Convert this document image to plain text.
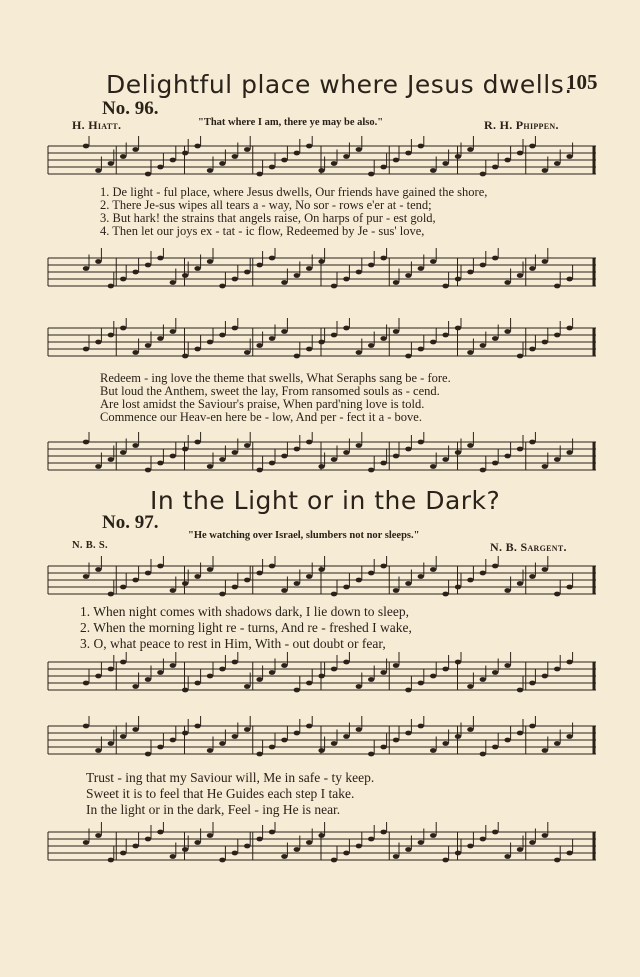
105
Delightful place where Jesus dwells.
No. 96.
H. Hiatt.	"That where I am, there ye may be also."	R. H. Phippen.
1. De light - ful place, where Jesus dwells, Our friends have gained the shore,
2. There Je-sus wipes all tears a - way, No sor - rows e'er at - tend;
3. But hark! the strains that angels raise, On harps of pur - est gold,
4. Then let our joys ex - tat - ic flow, Redeemed by Je - sus' love,
Redeem - ing love the theme that swells, What Seraphs sang be - fore.
But loud the Anthem, sweet the lay, From ransomed souls as - cend.
Are lost amidst the Saviour's praise, When pard'ning love is told.
Commence our Heav-en here be - low, And per - fect it a - bove.
In the Light or in the Dark?
No. 97.
"He watching over Israel, slumbers not nor sleeps."
N. B. S.	N. B. Sargent.
1. When night comes with shadows dark, I lie down to sleep,
2. When the morning light re - turns, And re - freshed I wake,
3. O, what peace to rest in Him, With - out doubt or fear,
Trust - ing that my Saviour will, Me in safe - ty keep.
Sweet it is to feel that He Guides each step I take.
In the light or in the dark, Feel - ing He is near.
